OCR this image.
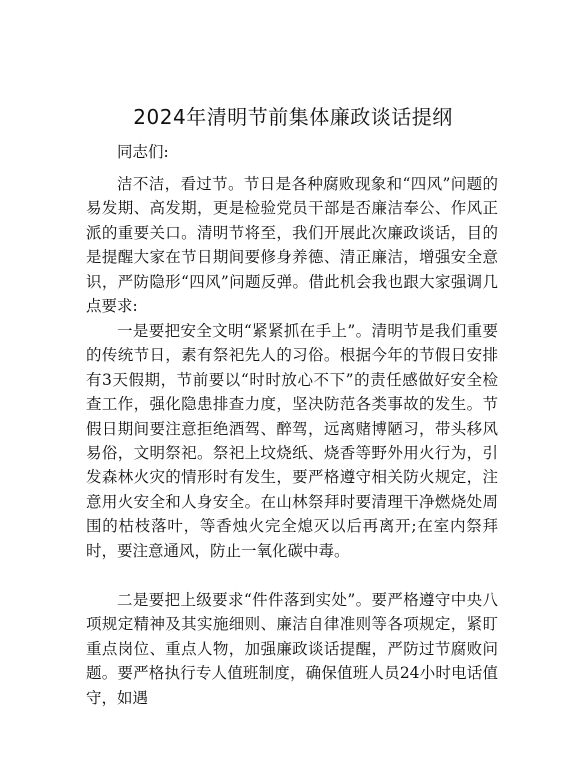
2024年清明节前集体廉政谈话提纲
同志们:

洁不洁，看过节。节日是各种腐败现象和“四风”问题的易发期、高发期，更是检验党员干部是否廉洁奉公、作风正派的重要关口。清明节将至，我们开展此次廉政谈话，目的是提醒大家在节日期间要修身养德、清正廉洁，增强安全意识，严防隐形“四风”问题反弹。借此机会我也跟大家强调几点要求:

一是要把安全文明“紧紧抓在手上”。清明节是我们重要的传统节日，素有祭祀先人的习俗。根据今年的节假日安排有3天假期，节前要以“时时放心不下”的责任感做好安全检查工作，强化隐患排查力度，坚决防范各类事故的发生。节假日期间要注意拒绝酒驾、醉驾，远离赌博陋习，带头移风易俗，文明祭祀。祭祀上坟烧纸、烧香等野外用火行为，引发森林火灾的情形时有发生，要严格遵守相关防火规定，注意用火安全和人身安全。在山林祭拜时要清理干净燃烧处周围的枯枝落叶，等香烛火完全熄灭以后再离开;在室内祭拜时，要注意通风，防止一氧化碳中毒。

二是要把上级要求“件件落到实处”。要严格遵守中央八项规定精神及其实施细则、廉洁自律准则等各项规定，紧盯重点岗位、重点人物，加强廉政谈话提醒，严防过节腐败问题。要严格执行专人值班制度，确保值班人员24小时电话值守，如遇
